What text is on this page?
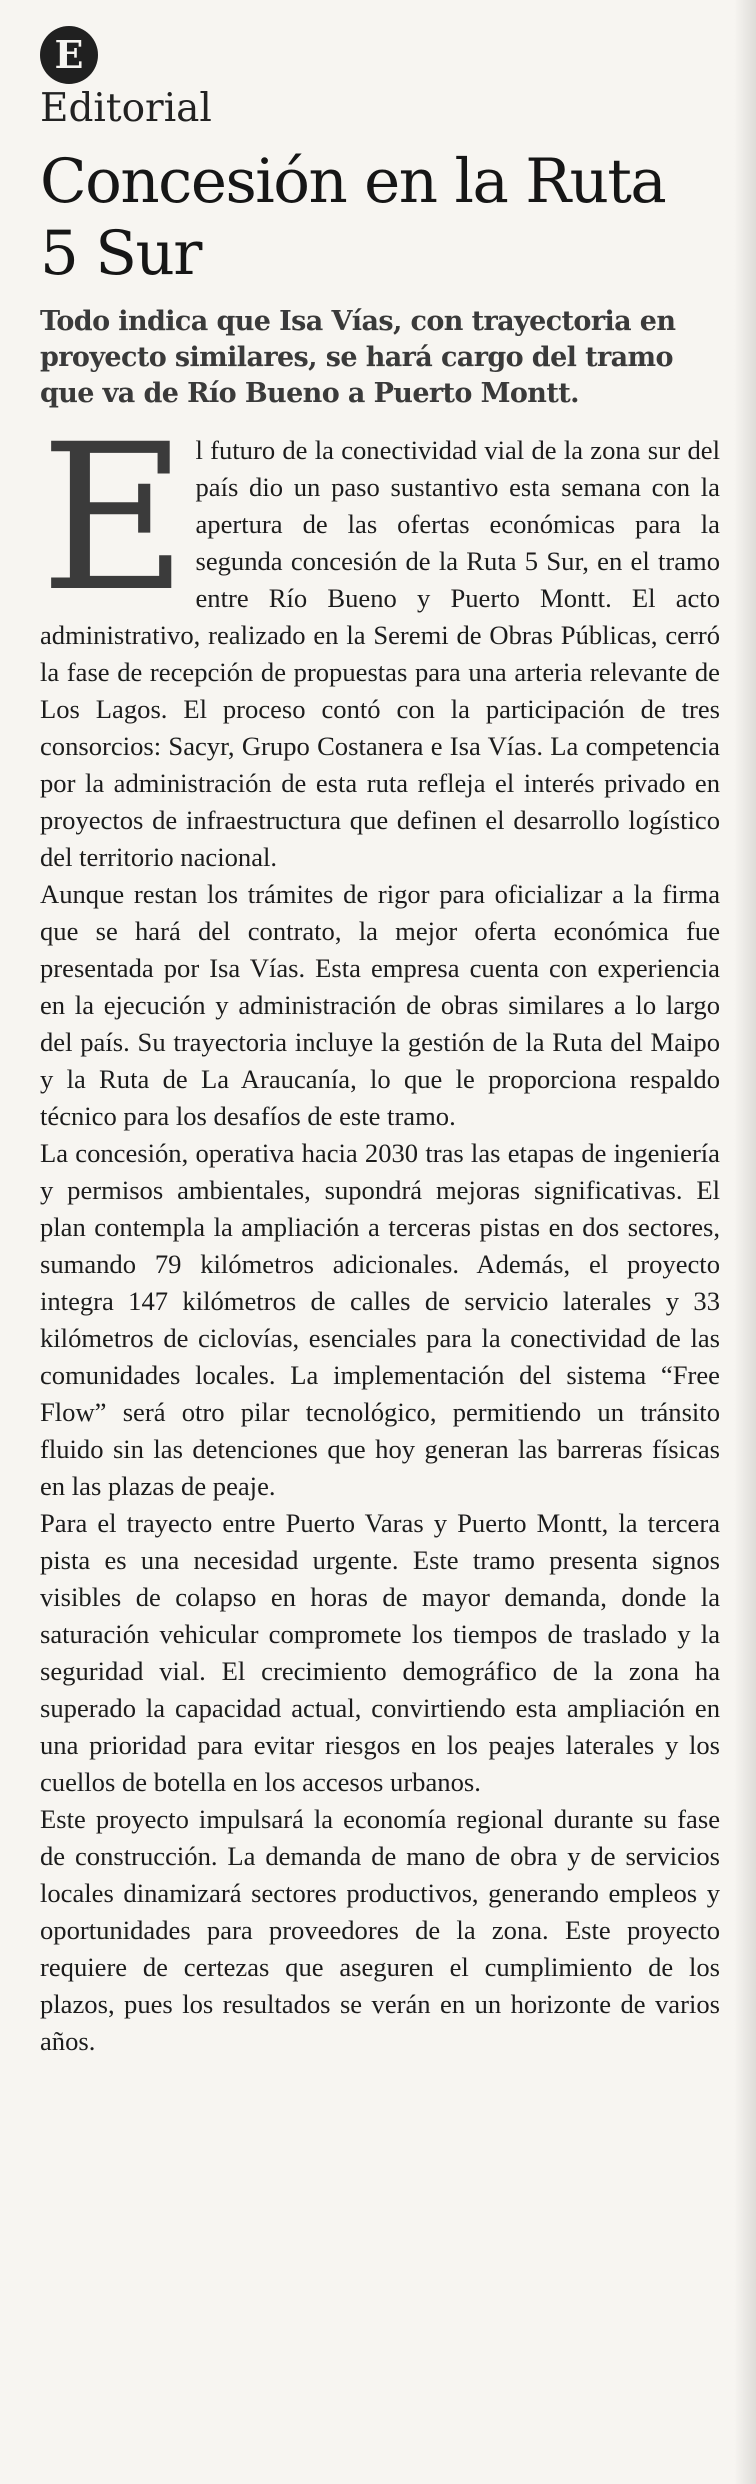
E
Editorial
Concesión en la Ruta 5 Sur

Todo indica que Isa Vías, con trayectoria en proyecto similares, se hará cargo del tramo que va de Río Bueno a Puerto Montt.

El futuro de la conectividad vial de la zona sur del país dio un paso sustantivo esta semana con la apertura de las ofertas económicas para la segunda concesión de la Ruta 5 Sur, en el tramo entre Río Bueno y Puerto Montt. El acto administrativo, realizado en la Seremi de Obras Públicas, cerró la fase de recepción de propuestas para una arteria relevante de Los Lagos. El proceso contó con la participación de tres consorcios: Sacyr, Grupo Costanera e Isa Vías. La competencia por la administración de esta ruta refleja el interés privado en proyectos de infraestructura que definen el desarrollo logístico del territorio nacional.

Aunque restan los trámites de rigor para oficializar a la firma que se hará del contrato, la mejor oferta económica fue presentada por Isa Vías. Esta empresa cuenta con experiencia en la ejecución y administración de obras similares a lo largo del país. Su trayectoria incluye la gestión de la Ruta del Maipo y la Ruta de La Araucanía, lo que le proporciona respaldo técnico para los desafíos de este tramo.

La concesión, operativa hacia 2030 tras las etapas de ingeniería y permisos ambientales, supondrá mejoras significativas. El plan contempla la ampliación a terceras pistas en dos sectores, sumando 79 kilómetros adicionales. Además, el proyecto integra 147 kilómetros de calles de servicio laterales y 33 kilómetros de ciclovías, esenciales para la conectividad de las comunidades locales. La implementación del sistema “Free Flow” será otro pilar tecnológico, permitiendo un tránsito fluido sin las detenciones que hoy generan las barreras físicas en las plazas de peaje.

Para el trayecto entre Puerto Varas y Puerto Montt, la tercera pista es una necesidad urgente. Este tramo presenta signos visibles de colapso en horas de mayor demanda, donde la saturación vehicular compromete los tiempos de traslado y la seguridad vial. El crecimiento demográfico de la zona ha superado la capacidad actual, convirtiendo esta ampliación en una prioridad para evitar riesgos en los peajes laterales y los cuellos de botella en los accesos urbanos.

Este proyecto impulsará la economía regional durante su fase de construcción. La demanda de mano de obra y de servicios locales dinamizará sectores productivos, generando empleos y oportunidades para proveedores de la zona. Este proyecto requiere de certezas que aseguren el cumplimiento de los plazos, pues los resultados se verán en un horizonte de varios años.
